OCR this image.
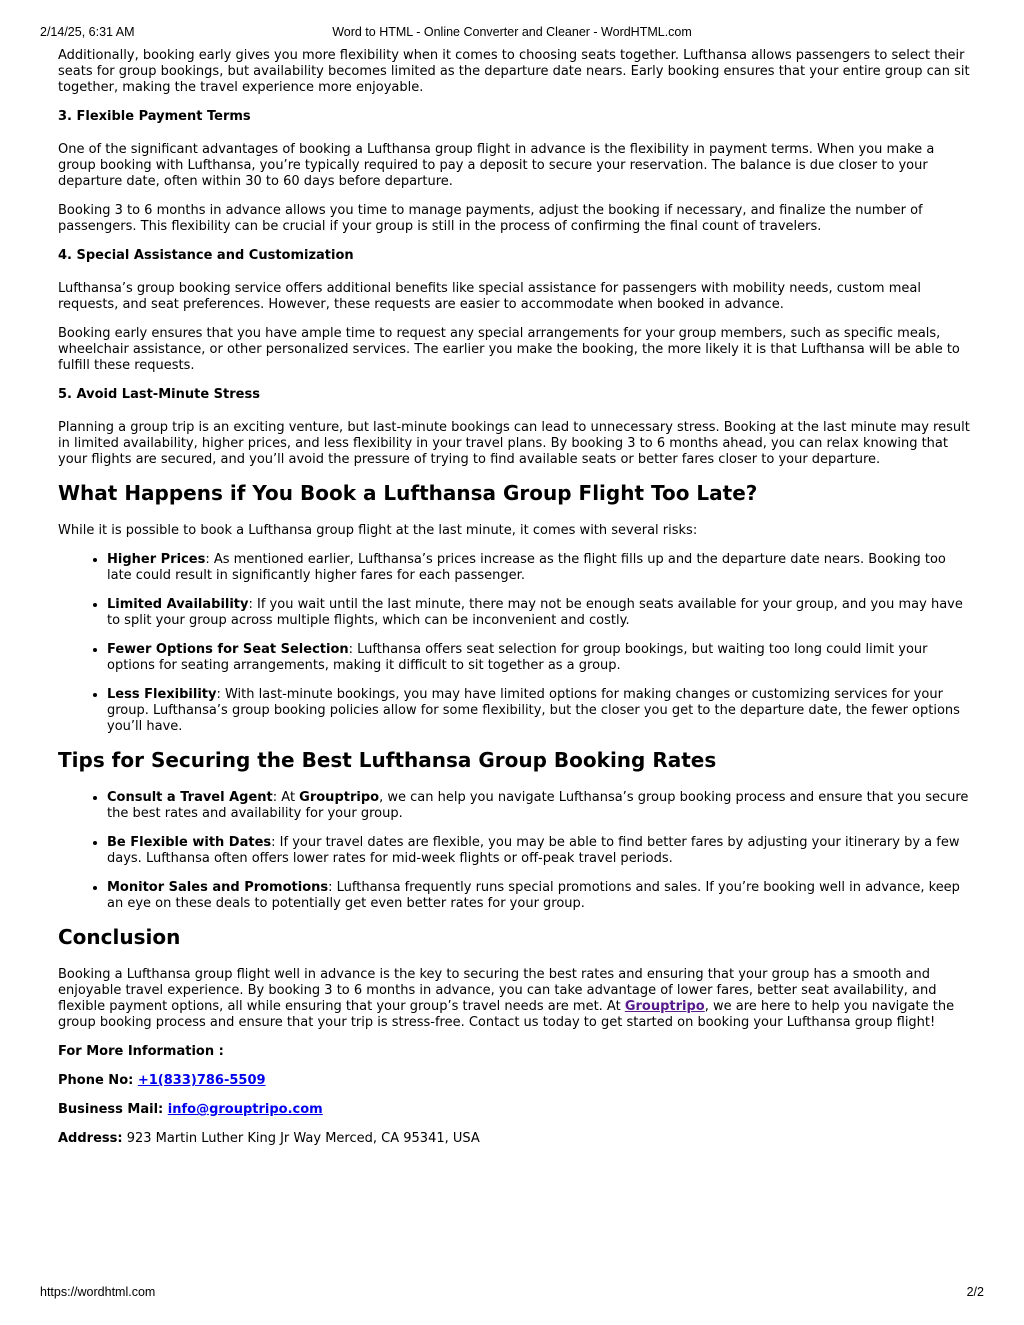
2/14/25, 6:31 AM	Word to HTML - Online Converter and Cleaner - WordHTML.com

Additionally, booking early gives you more flexibility when it comes to choosing seats together. Lufthansa allows passengers to select their seats for group bookings, but availability becomes limited as the departure date nears. Early booking ensures that your entire group can sit together, making the travel experience more enjoyable.

3. Flexible Payment Terms

One of the significant advantages of booking a Lufthansa group flight in advance is the flexibility in payment terms. When you make a group booking with Lufthansa, you’re typically required to pay a deposit to secure your reservation. The balance is due closer to your departure date, often within 30 to 60 days before departure.

Booking 3 to 6 months in advance allows you time to manage payments, adjust the booking if necessary, and finalize the number of passengers. This flexibility can be crucial if your group is still in the process of confirming the final count of travelers.

4. Special Assistance and Customization

Lufthansa’s group booking service offers additional benefits like special assistance for passengers with mobility needs, custom meal requests, and seat preferences. However, these requests are easier to accommodate when booked in advance.

Booking early ensures that you have ample time to request any special arrangements for your group members, such as specific meals, wheelchair assistance, or other personalized services. The earlier you make the booking, the more likely it is that Lufthansa will be able to fulfill these requests.

5. Avoid Last-Minute Stress

Planning a group trip is an exciting venture, but last-minute bookings can lead to unnecessary stress. Booking at the last minute may result in limited availability, higher prices, and less flexibility in your travel plans. By booking 3 to 6 months ahead, you can relax knowing that your flights are secured, and you’ll avoid the pressure of trying to find available seats or better fares closer to your departure.

What Happens if You Book a Lufthansa Group Flight Too Late?

While it is possible to book a Lufthansa group flight at the last minute, it comes with several risks:

• Higher Prices: As mentioned earlier, Lufthansa’s prices increase as the flight fills up and the departure date nears. Booking too late could result in significantly higher fares for each passenger.
• Limited Availability: If you wait until the last minute, there may not be enough seats available for your group, and you may have to split your group across multiple flights, which can be inconvenient and costly.
• Fewer Options for Seat Selection: Lufthansa offers seat selection for group bookings, but waiting too long could limit your options for seating arrangements, making it difficult to sit together as a group.
• Less Flexibility: With last-minute bookings, you may have limited options for making changes or customizing services for your group. Lufthansa’s group booking policies allow for some flexibility, but the closer you get to the departure date, the fewer options you’ll have.
Tips for Securing the Best Lufthansa Group Booking Rates
• Consult a Travel Agent: At Grouptripo, we can help you navigate Lufthansa’s group booking process and ensure that you secure the best rates and availability for your group.
• Be Flexible with Dates: If your travel dates are flexible, you may be able to find better fares by adjusting your itinerary by a few days. Lufthansa often offers lower rates for mid-week flights or off-peak travel periods.
• Monitor Sales and Promotions: Lufthansa frequently runs special promotions and sales. If you’re booking well in advance, keep an eye on these deals to potentially get even better rates for your group.
Conclusion

Booking a Lufthansa group flight well in advance is the key to securing the best rates and ensuring that your group has a smooth and enjoyable travel experience. By booking 3 to 6 months in advance, you can take advantage of lower fares, better seat availability, and flexible payment options, all while ensuring that your group’s travel needs are met. At Grouptripo, we are here to help you navigate the group booking process and ensure that your trip is stress-free. Contact us today to get started on booking your Lufthansa group flight!

For More Information :

Phone No: +1(833)786-5509

Business Mail: info@grouptripo.com

Address: 923 Martin Luther King Jr Way Merced, CA 95341, USA

https://wordhtml.com	2/2
